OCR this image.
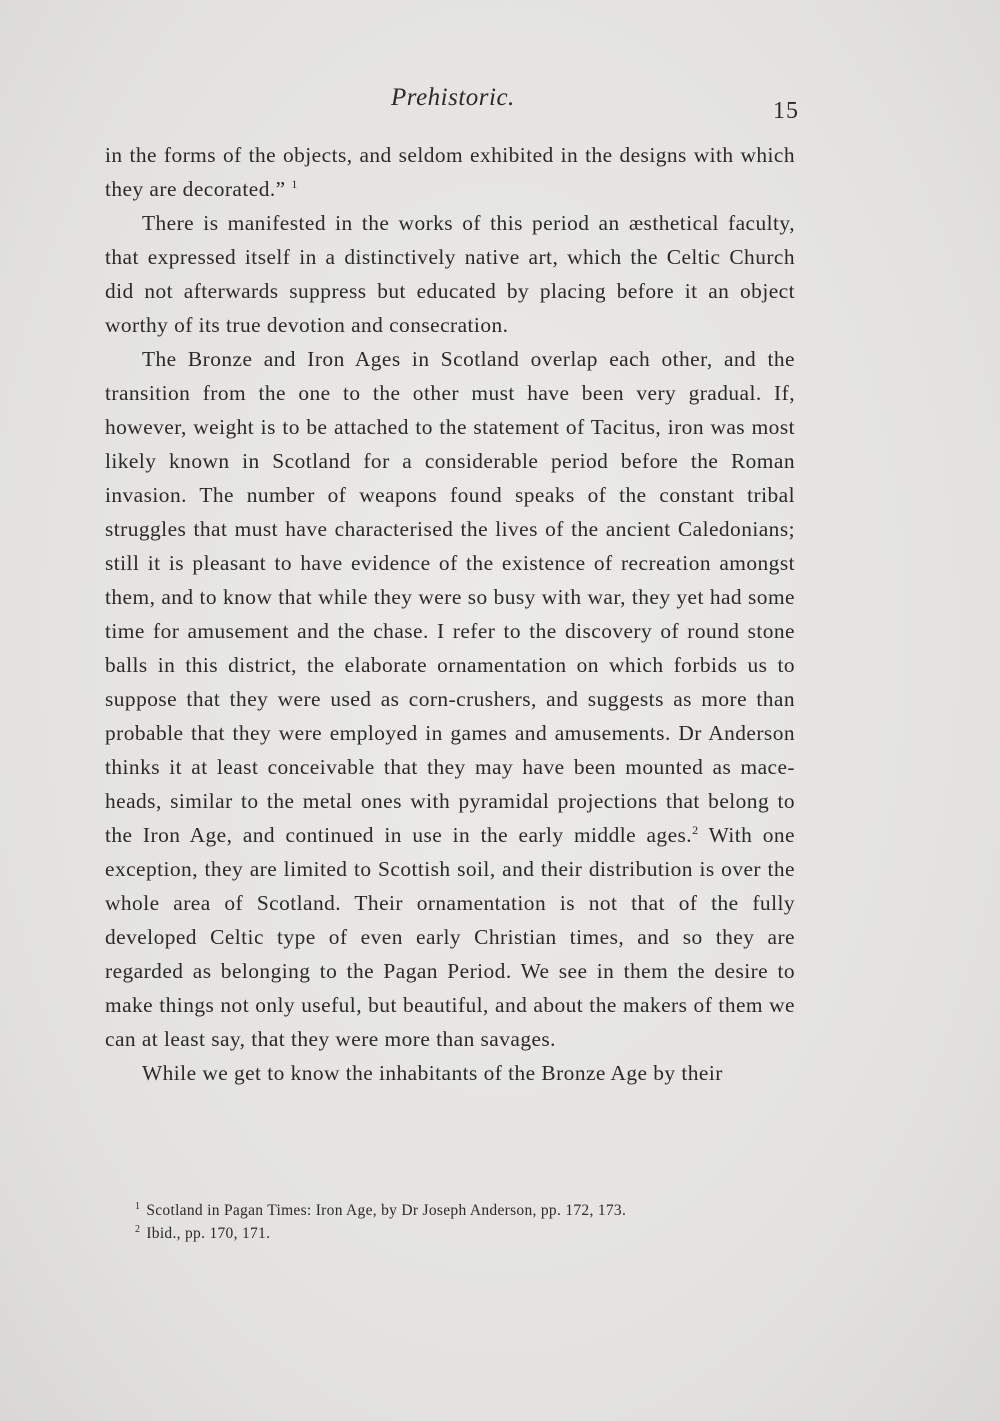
Prehistoric.	15

in the forms of the objects, and seldom exhibited in the designs with which they are decorated.” $^1$

There is manifested in the works of this period an æsthetical faculty, that expressed itself in a distinctively native art, which the Celtic Church did not afterwards suppress but educated by placing before it an object worthy of its true devotion and consecration.

The Bronze and Iron Ages in Scotland overlap each other, and the transition from the one to the other must have been very gradual. If, however, weight is to be attached to the statement of Tacitus, iron was most likely known in Scotland for a considerable period before the Roman invasion. The number of weapons found speaks of the constant tribal struggles that must have characterised the lives of the ancient Caledonians; still it is pleasant to have evidence of the existence of recreation amongst them, and to know that while they were so busy with war, they yet had some time for amusement and the chase. I refer to the discovery of round stone balls in this district, the elaborate ornamentation on which forbids us to suppose that they were used as corn-crushers, and suggests as more than probable that they were employed in games and amusements. Dr Anderson thinks it at least conceivable that they may have been mounted as mace-heads, similar to the metal ones with pyramidal projections that belong to the Iron Age, and continued in use in the early middle ages.$^2$ With one exception, they are limited to Scottish soil, and their distribution is over the whole area of Scotland. Their ornamentation is not that of the fully developed Celtic type of even early Christian times, and so they are regarded as belonging to the Pagan Period. We see in them the desire to make things not only useful, but beautiful, and about the makers of them we can at least say, that they were more than savages.

While we get to know the inhabitants of the Bronze Age by their

$^1$ Scotland in Pagan Times: Iron Age, by Dr Joseph Anderson, pp. 172, 173.
$^2$ Ibid., pp. 170, 171.
